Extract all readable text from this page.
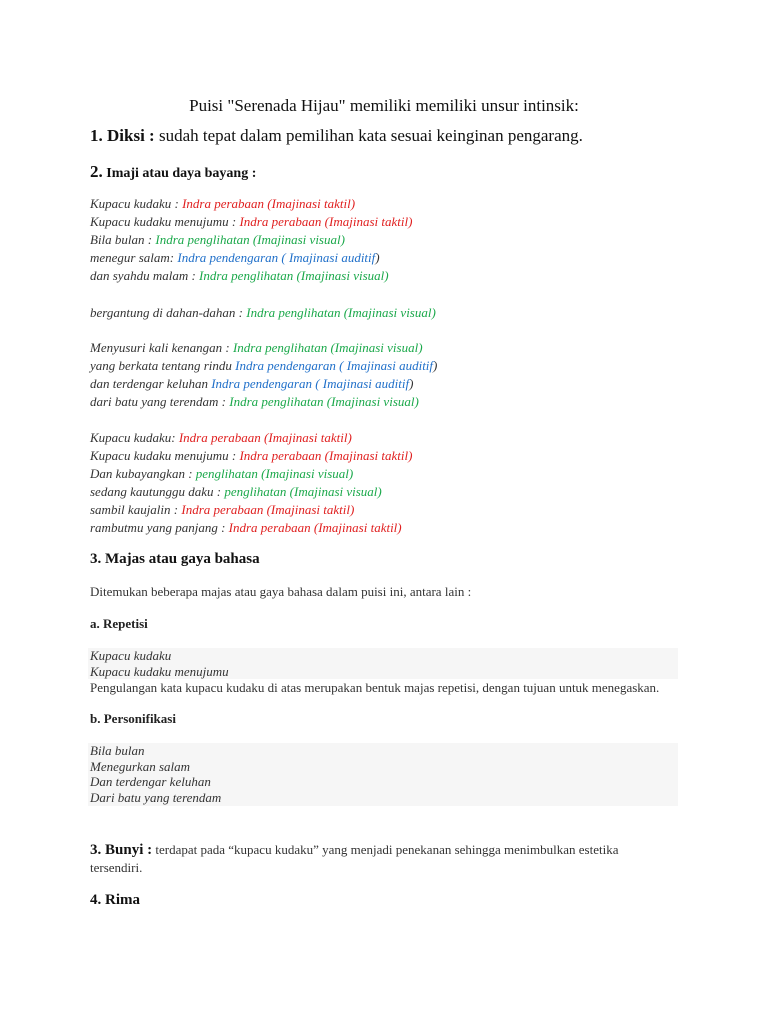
Puisi "Serenada Hijau" memiliki memiliki unsur intinsik:
1. Diksi : sudah tepat dalam pemilihan kata sesuai keinginan pengarang.
2. Imaji atau daya bayang :
Kupacu kudaku : Indra perabaan (Imajinasi taktil)
Kupacu kudaku menujumu : Indra perabaan (Imajinasi taktil)
Bila bulan : Indra penglihatan (Imajinasi visual)
menegur salam: Indra pendengaran ( Imajinasi auditif)
dan syahdu malam : Indra penglihatan (Imajinasi visual)
bergantung di dahan-dahan : Indra penglihatan (Imajinasi visual)
Menyusuri kali kenangan : Indra penglihatan (Imajinasi visual)
yang berkata tentang rindu Indra pendengaran ( Imajinasi auditif)
dan terdengar keluhan Indra pendengaran ( Imajinasi auditif)
dari batu yang terendam : Indra penglihatan (Imajinasi visual)
Kupacu kudaku: Indra perabaan (Imajinasi taktil)
Kupacu kudaku menujumu : Indra perabaan (Imajinasi taktil)
Dan kubayangkan : penglihatan (Imajinasi visual)
sedang kautunggu daku : penglihatan (Imajinasi visual)
sambil kaujalin : Indra perabaan (Imajinasi taktil)
rambutmu yang panjang : Indra perabaan (Imajinasi taktil)
3. Majas atau gaya bahasa
Ditemukan beberapa majas atau gaya bahasa dalam puisi ini, antara lain :
a. Repetisi
Kupacu kudaku
Kupacu kudaku menujumu
Pengulangan kata kupacu kudaku di atas merupakan bentuk majas repetisi, dengan tujuan untuk menegaskan.
b. Personifikasi
Bila bulan
Menegurkan salam
Dan terdengar keluhan
Dari batu yang terendam
3. Bunyi : terdapat pada “kupacu kudaku” yang menjadi penekanan sehingga menimbulkan estetika
tersendiri.
4. Rima
